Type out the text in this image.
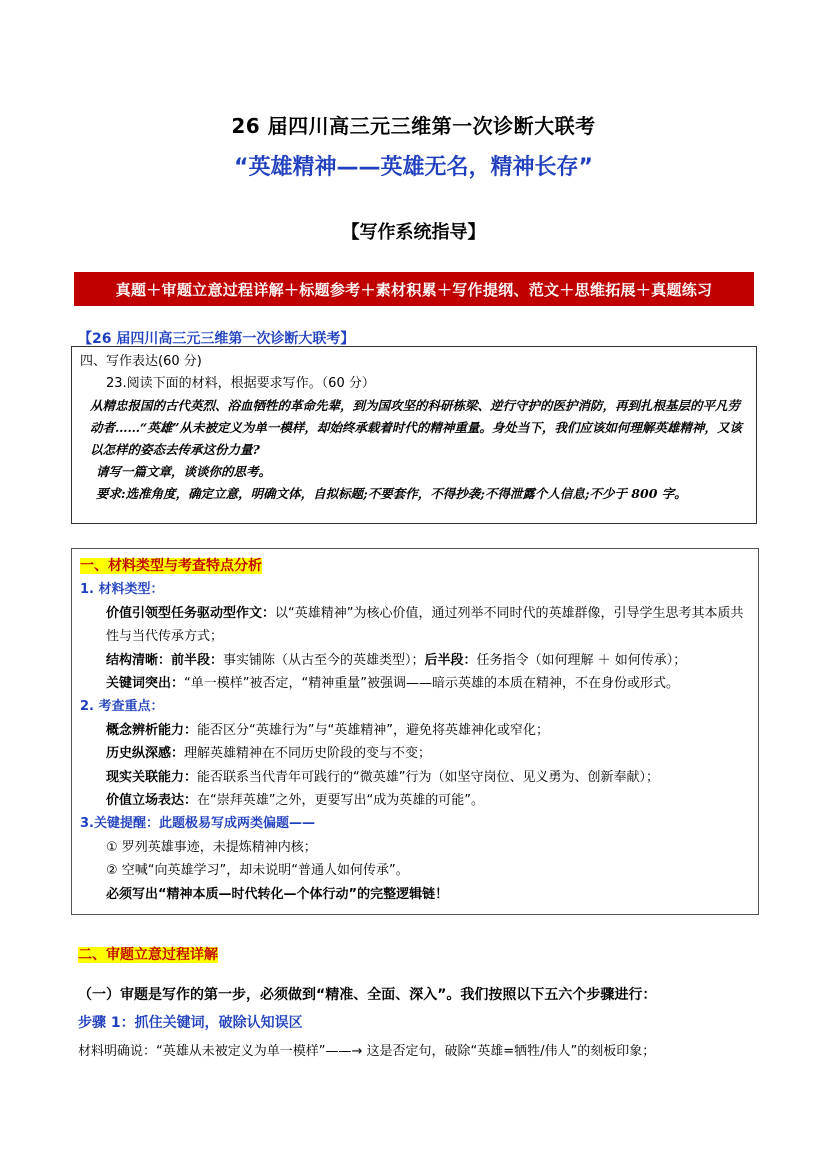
26 届四川高三元三维第一次诊断大联考
“英雄精神——英雄无名，精神长存”
【写作系统指导】
真题＋审题立意过程详解＋标题参考＋素材积累＋写作提纲、范文＋思维拓展＋真题练习
【26 届四川高三元三维第一次诊断大联考】

四、写作表达(60 分)

23.阅读下面的材料，根据要求写作。（60 分）

从精忠报国的古代英烈、浴血牺牲的革命先辈，到为国攻坚的科研栋梁、逆行守护的医护消防，再到扎根基层的平凡劳动者……“英雄”从未被定义为单一模样，却始终承载着时代的精神重量。身处当下，我们应该如何理解英雄精神，又该以怎样的姿态去传承这份力量?

请写一篇文章，谈谈你的思考。

要求:选准角度，确定立意，明确文体，自拟标题;不要套作，不得抄袭;不得泄露个人信息;不少于 800 字。

一、材料类型与考查特点分析

1. 材料类型：

价值引领型任务驱动型作文：以“英雄精神”为核心价值，通过列举不同时代的英雄群像，引导学生思考其本质共性与当代传承方式；

结构清晰：前半段：事实铺陈（从古至今的英雄类型）；后半段：任务指令（如何理解 ＋ 如何传承）；

关键词突出：“单一模样”被否定，“精神重量”被强调——暗示英雄的本质在精神，不在身份或形式。

2. 考查重点：

概念辨析能力：能否区分“英雄行为”与“英雄精神”，避免将英雄神化或窄化；

历史纵深感：理解英雄精神在不同历史阶段的变与不变；

现实关联能力：能否联系当代青年可践行的“微英雄”行为（如坚守岗位、见义勇为、创新奉献）；

价值立场表达：在“崇拜英雄”之外，更要写出“成为英雄的可能”。

3.关键提醒：此题极易写成两类偏题——

① 罗列英雄事迹，未提炼精神内核；

② 空喊“向英雄学习”，却未说明“普通人如何传承”。

必须写出“精神本质—时代转化—个体行动”的完整逻辑链！

二、审题立意过程详解
（一）审题是写作的第一步，必须做到“精准、全面、深入”。我们按照以下五六个步骤进行：
步骤 1：抓住关键词，破除认知误区
材料明确说：“英雄从未被定义为单一模样”——→ 这是否定句，破除“英雄=牺牲/伟人”的刻板印象；
